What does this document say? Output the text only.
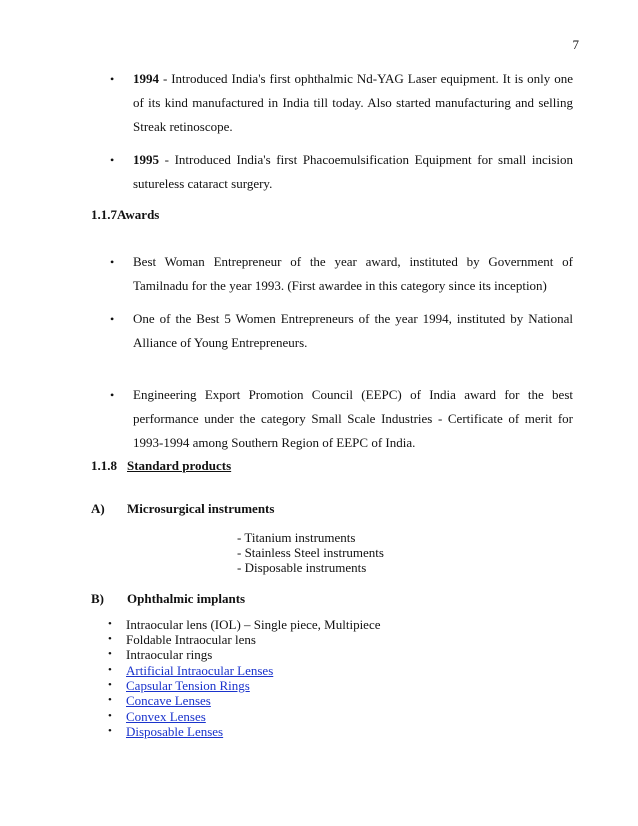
7
•	1994 - Introduced India's first ophthalmic Nd-YAG Laser equipment. It is only one of its kind manufactured in India till today. Also started manufacturing and selling Streak retinoscope.

•	1995 - Introduced India's first Phacoemulsification Equipment for small incision sutureless cataract surgery.

1.1.7Awards
•	Best Woman Entrepreneur of the year award, instituted by Government of Tamilnadu for the year 1993. (First awardee in this category since its inception)

•	One of the Best 5 Women Entrepreneurs of the year 1994, instituted by National Alliance of Young Entrepreneurs.

•	Engineering Export Promotion Council (EEPC) of India award for the best performance under the category Small Scale Industries - Certificate of merit for 1993-1994 among Southern Region of EEPC of India.

1.1.8 Standard products
A) Microsurgical instruments
- Titanium instruments
- Stainless Steel instruments
- Disposable instruments
B) Ophthalmic implants
•	Intraocular lens (IOL) – Single piece, Multipiece
•	Foldable Intraocular lens
•	Intraocular rings
•	Artificial Intraocular Lenses
•	Capsular Tension Rings
•	Concave Lenses
•	Convex Lenses
•	Disposable Lenses
